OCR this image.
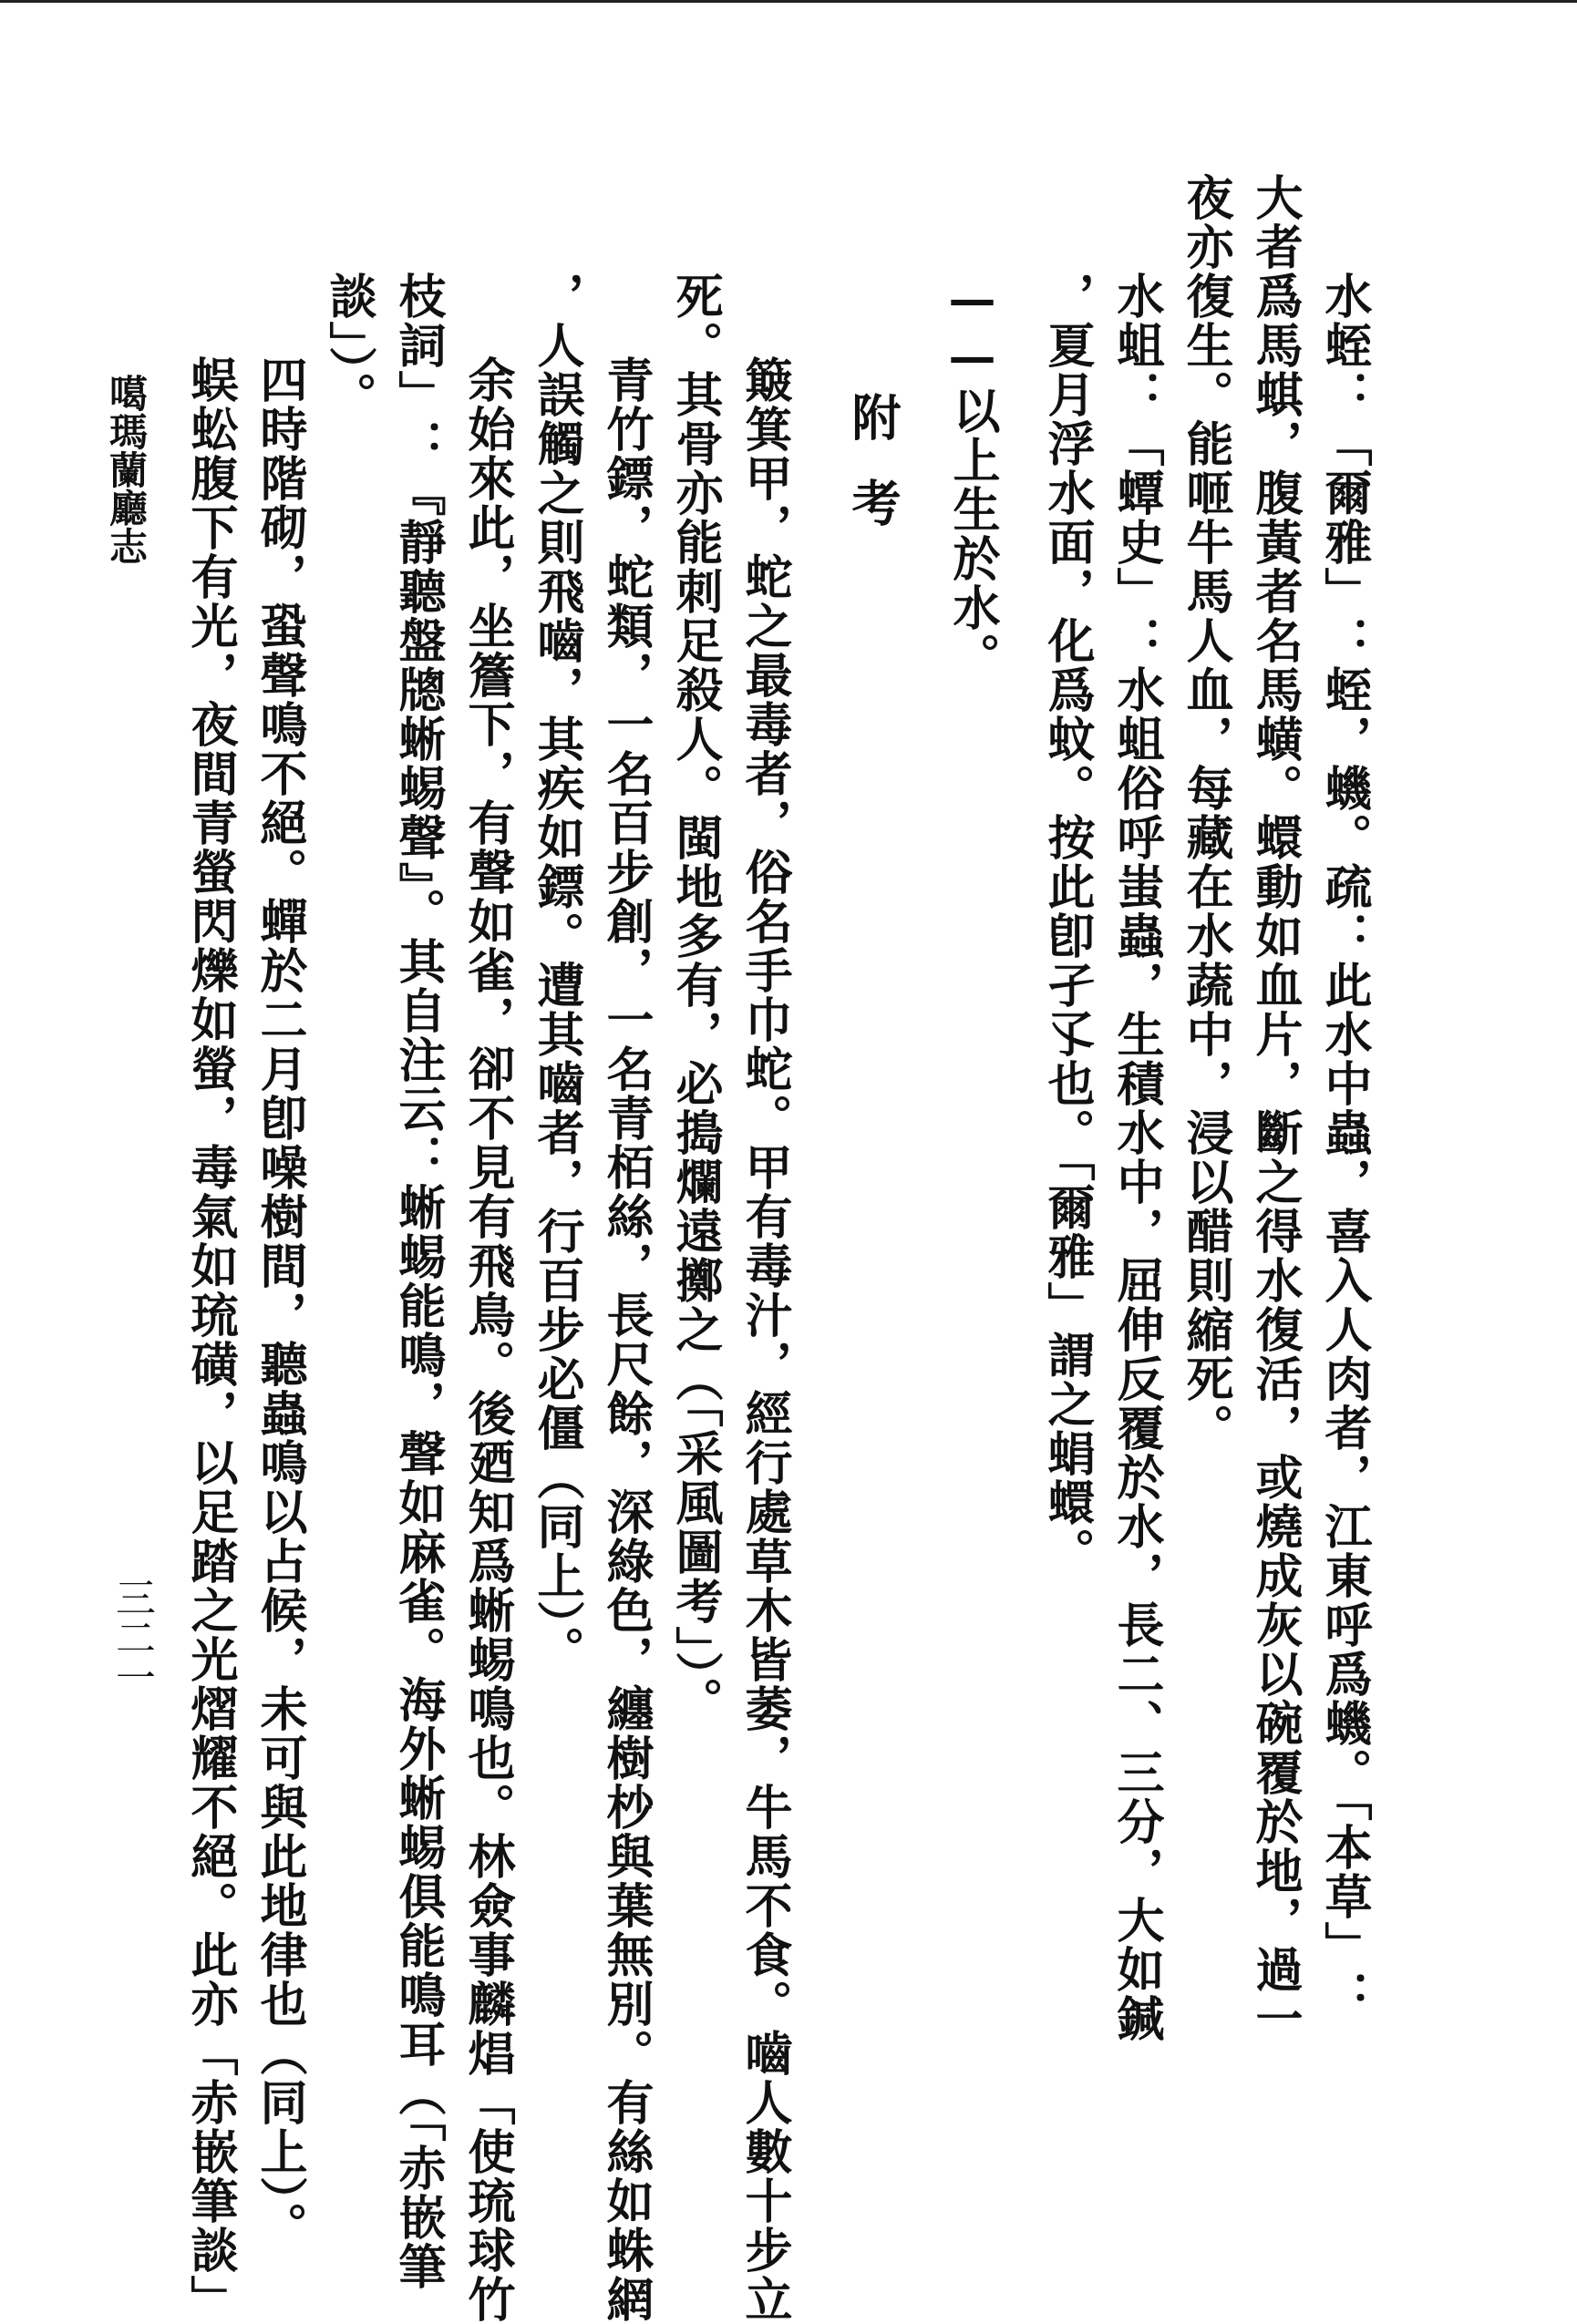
水蛭：「爾雅」：蛭，蟣。疏：此水中蟲，喜入人肉者，江東呼爲蟣。「本草」：
大者爲馬蜞，腹黃者名馬蟥。蠉動如血片，斷之得水復活，或燒成灰以碗覆於地，過一
夜亦復生。能咂牛馬人血，每藏在水蔬中，浸以醋則縮死。
水蛆：「蟫史」：水蛆俗呼蚩蟲，生積水中，屈伸反覆於水，長二、三分，大如鍼
，夏月浮水面，化爲蚊。按此卽孑孓也。「爾雅」謂之蜎蠉。
——以上生於水。
附考
簸箕甲，蛇之最毒者，俗名手巾蛇。甲有毒汁，經行處草木皆萎，牛馬不食。嚙人數十步立
死。其骨亦能刺足殺人。閩地多有，必搗爛遠擲之（「采風圖考」）。
青竹鏢，蛇類，一名百步創，一名青栢絲，長尺餘，深綠色，纏樹杪與葉無別。有絲如蛛網
，人誤觸之則飛嚙，其疾如鏢。遭其嚙者，行百步必僵（同上）。
余始來此，坐簷下，有聲如雀，卻不見有飛鳥。後廼知爲蜥蜴鳴也。林僉事麟焻「使琉球竹
枝詞」：『靜聽盤牕蜥蜴聲』。其自注云：蜥蜴能鳴，聲如麻雀。海外蜥蜴俱能鳴耳（「赤嵌筆
談」）。
四時階砌，蛩聲鳴不絕。蟬於二月卽噪樹間，聽蟲鳴以占候，未可與此地律也（同上）。
蜈蚣腹下有光，夜間青螢閃爍如螢，毒氣如琉磺，以足踏之光熠耀不絕。此亦「赤嵌筆談」
噶瑪蘭廳志
三二一
